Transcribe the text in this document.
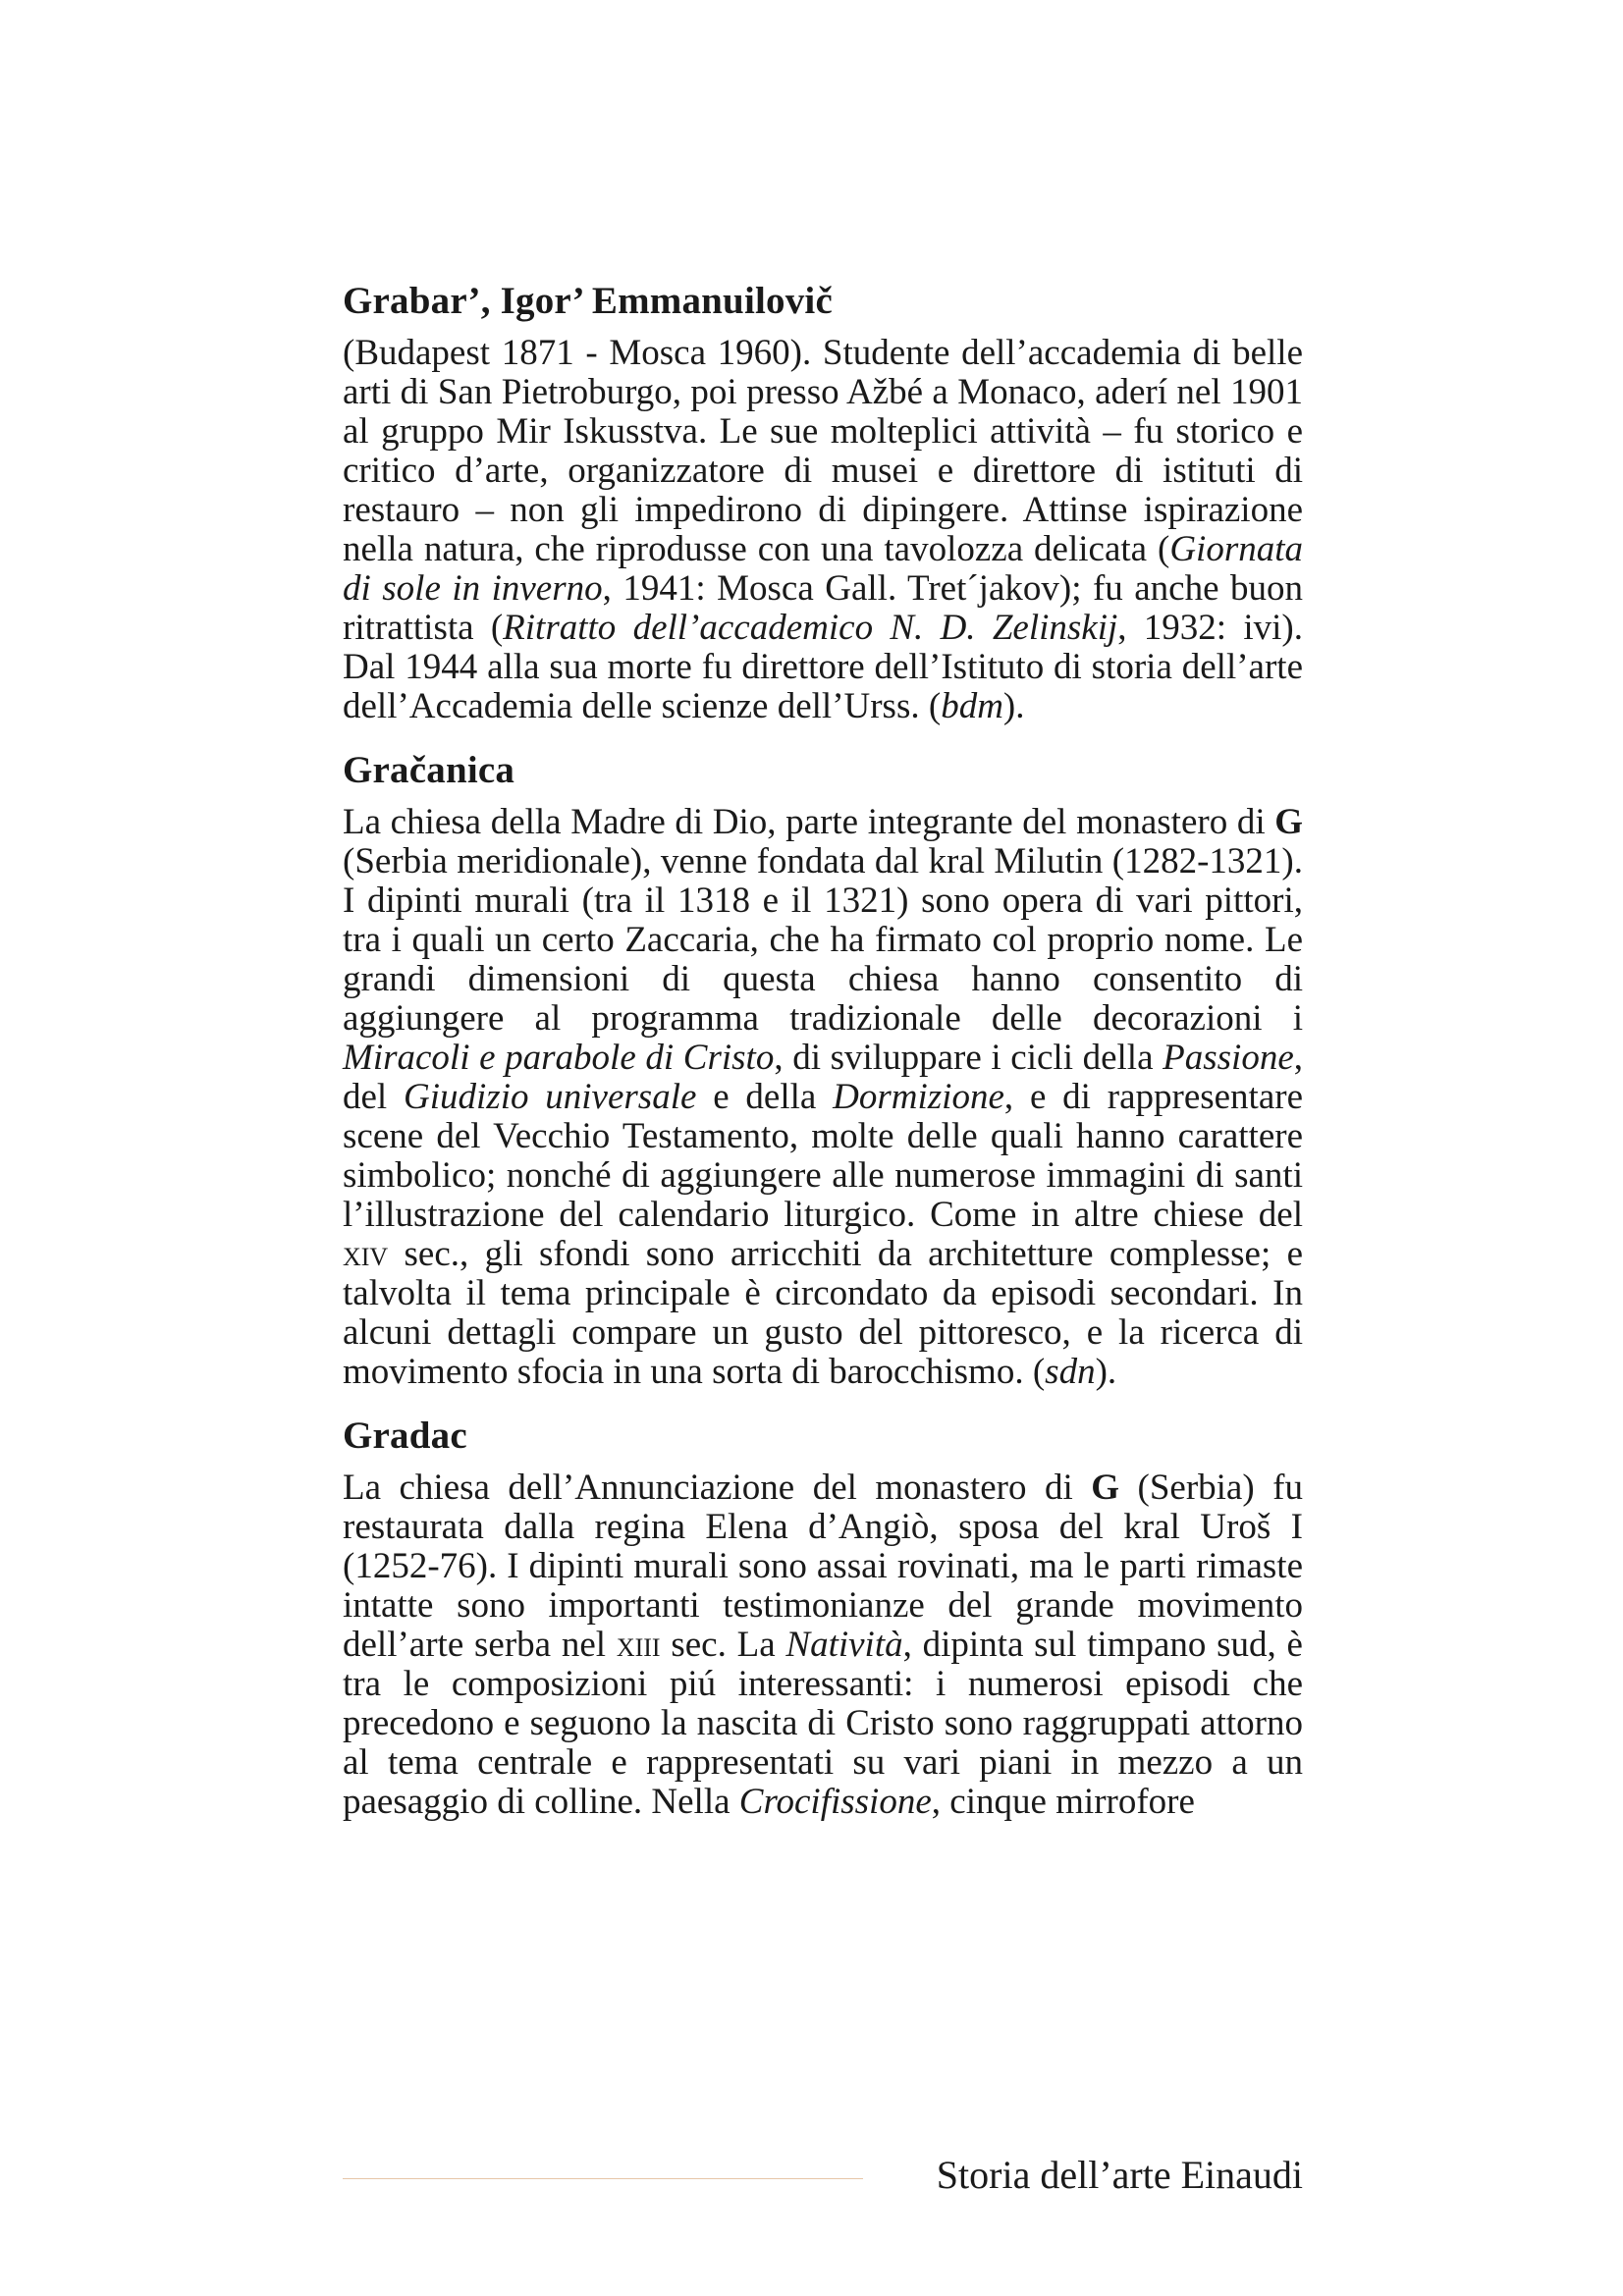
Grabar’, Igor’ Emmanuilovič

(Budapest 1871 - Mosca 1960). Studente dell’accademia di belle arti di San Pietroburgo, poi presso Ažbé a Monaco, aderí nel 1901 al gruppo Mir Iskusstva. Le sue molteplici attività – fu storico e critico d’arte, organizzatore di musei e direttore di istituti di restauro – non gli impedirono di dipingere. Attinse ispirazione nella natura, che riprodusse con una tavolozza delicata (Giornata di sole in inverno, 1941: Mosca Gall. Tret´jakov); fu anche buon ritrattista (Ritratto dell’accademico N. D. Zelinskij, 1932: ivi). Dal 1944 alla sua morte fu direttore dell’Istituto di storia dell’arte dell’Accademia delle scienze dell’Urss. (bdm).

Gračanica

La chiesa della Madre di Dio, parte integrante del monastero di G (Serbia meridionale), venne fondata dal kral Milutin (1282-1321). I dipinti murali (tra il 1318 e il 1321) sono opera di vari pittori, tra i quali un certo Zaccaria, che ha firmato col proprio nome. Le grandi dimensioni di questa chiesa hanno consentito di aggiungere al programma tradizionale delle decorazioni i Miracoli e parabole di Cristo, di sviluppare i cicli della Passione, del Giudizio universale e della Dormizione, e di rappresentare scene del Vecchio Testamento, molte delle quali hanno carattere simbolico; nonché di aggiungere alle numerose immagini di santi l’illustrazione del calendario liturgico. Come in altre chiese del xiv sec., gli sfondi sono arricchiti da architetture complesse; e talvolta il tema principale è circondato da episodi secondari. In alcuni dettagli compare un gusto del pittoresco, e la ricerca di movimento sfocia in una sorta di barocchismo. (sdn).

Gradac

La chiesa dell’Annunciazione del monastero di G (Serbia) fu restaurata dalla regina Elena d’Angiò, sposa del kral Uroš I (1252-76). I dipinti murali sono assai rovinati, ma le parti rimaste intatte sono importanti testimonianze del grande movimento dell’arte serba nel xiii sec. La Natività, dipinta sul timpano sud, è tra le composizioni piú interessanti: i numerosi episodi che precedono e seguono la nascita di Cristo sono raggruppati attorno al tema centrale e rappresentati su vari piani in mezzo a un paesaggio di colline. Nella Crocifissione, cinque mirrofore

Storia dell’arte Einaudi
